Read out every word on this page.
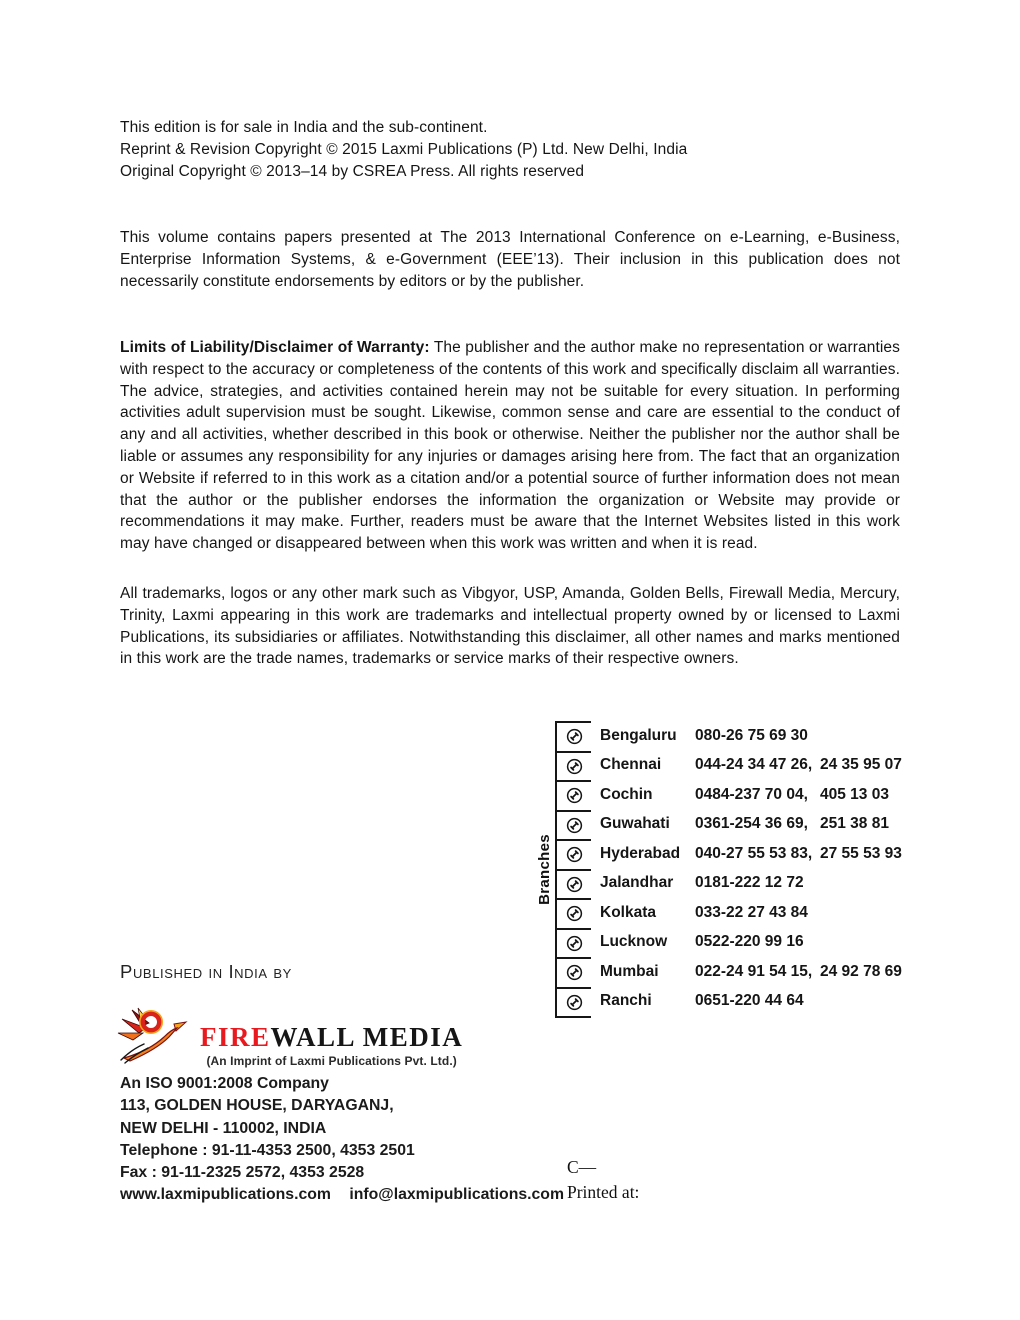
This edition is for sale in India and the sub-continent.
Reprint & Revision Copyright © 2015 Laxmi Publications (P) Ltd. New Delhi, India
Original Copyright © 2013–14 by CSREA Press. All rights reserved

This volume contains papers presented at The 2013 International Conference on e-Learning, e-Business, Enterprise Information Systems, & e-Government (EEE’13). Their inclusion in this publication does not necessarily constitute endorsements by editors or by the publisher.

Limits of Liability/Disclaimer of Warranty: The publisher and the author make no representation or warranties with respect to the accuracy or completeness of the contents of this work and specifically disclaim all warranties. The advice, strategies, and activities contained herein may not be suitable for every situation. In performing activities adult supervision must be sought. Likewise, common sense and care are essential to the conduct of any and all activities, whether described in this book or otherwise. Neither the publisher nor the author shall be liable or assumes any responsibility for any injuries or damages arising here from. The fact that an organization or Website if referred to in this work as a citation and/or a potential source of further information does not mean that the author or the publisher endorses the information the organization or Website may provide or recommendations it may make. Further, readers must be aware that the Internet Websites listed in this work may have changed or disappeared between when this work was written and when it is read.

All trademarks, logos or any other mark such as Vibgyor, USP, Amanda, Golden Bells, Firewall Media, Mercury, Trinity, Laxmi appearing in this work are trademarks and intellectual property owned by or licensed to Laxmi Publications, its subsidiaries or affiliates. Notwithstanding this disclaimer, all other names and marks mentioned in this work are the trade names, trademarks or service marks of their respective owners.

Branches
Bengaluru	080-26 75 69 30
Chennai	044-24 34 47 26, 24 35 95 07
Cochin	0484-237 70 04, 405 13 03
Guwahati	0361-254 36 69, 251 38 81
Hyderabad 040-27 55 53 83, 27 55 53 93
Jalandhar	0181-222 12 72
Kolkata	033-22 27 43 84
Lucknow	0522-220 99 16
Mumbai	022-24 91 54 15, 24 92 78 69
Ranchi	0651-220 44 64
Published in India by
FIREWALL MEDIA
(An Imprint of Laxmi Publications Pvt. Ltd.)
An ISO 9001:2008 Company
113, GOLDEN HOUSE, DARYAGANJ,
NEW DELHI - 110002, INDIA
Telephone : 91-11-4353 2500, 4353 2501
Fax : 91-11-2325 2572, 4353 2528
www.laxmipublications.com info@laxmipublications.com
C—
Printed at:
